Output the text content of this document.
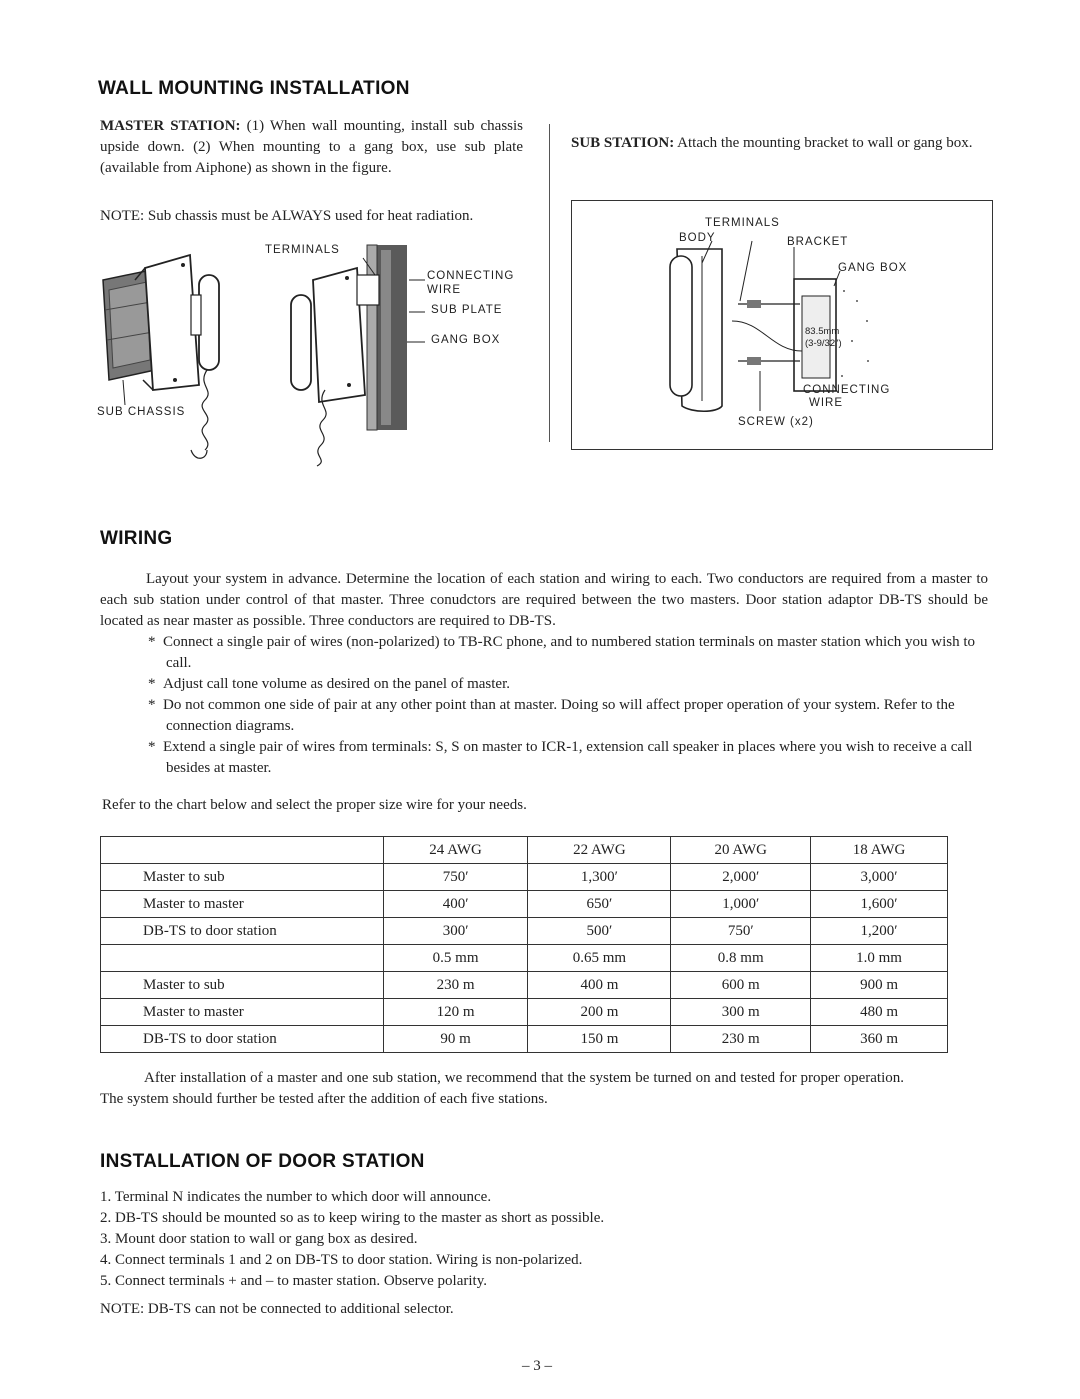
WALL MOUNTING INSTALLATION
MASTER STATION: (1) When wall mounting, install sub chassis upside down. (2) When mounting to a gang box, use sub plate (available from Aiphone) as shown in the figure.
NOTE: Sub chassis must be ALWAYS used for heat radiation.
SUB STATION: Attach the mounting bracket to wall or gang box.
TERMINALS
CONNECTING
WIRE
SUB PLATE
GANG BOX
SUB CHASSIS
TERMINALS
BODY	BRACKET
GANG BOX
83.5mm
(3-9/32")
CONNECTING
WIRE
SCREW (x2)
WIRING
Layout your system in advance. Determine the location of each station and wiring to each. Two conductors are required from a master to each sub station under control of that master. Three conudctors are required between the two masters. Door station adaptor DB-TS should be located as near master as possible. Three conductors are required to DB-TS.
*  Connect a single pair of wires (non-polarized) to TB-RC phone, and to numbered station terminals on master station which you wish to call.
*  Adjust call tone volume as desired on the panel of master.
*  Do not common one side of pair at any other point than at master. Doing so will affect proper operation of your system. Refer to the connection diagrams.
*  Extend a single pair of wires from terminals: S, S on master to ICR-1, extension call speaker in places where you wish to receive a call besides at master.
Refer to the chart below and select the proper size wire for your needs.
	24 AWG	22 AWG	20 AWG	18 AWG
Master to sub	750′	1,300′	2,000′	3,000′
Master to master	400′	650′	1,000′	1,600′
DB-TS to door station	300′	500′	750′	1,200′
	0.5 mm	0.65 mm	0.8 mm	1.0 mm
Master to sub	230 m	400 m	600 m	900 m
Master to master	120 m	200 m	300 m	480 m
DB-TS to door station	90 m	150 m	230 m	360 m
After installation of a master and one sub station, we recommend that the system be turned on and tested for proper operation. The system should further be tested after the addition of each five stations.
INSTALLATION OF DOOR STATION
1. Terminal N indicates the number to which door will announce.
2. DB-TS should be mounted so as to keep wiring to the master as short as possible.
3. Mount door station to wall or gang box as desired.
4. Connect terminals 1 and 2 on DB-TS to door station. Wiring is non-polarized.
5. Connect terminals + and – to master station. Observe polarity.
NOTE: DB-TS can not be connected to additional selector.
– 3 –
